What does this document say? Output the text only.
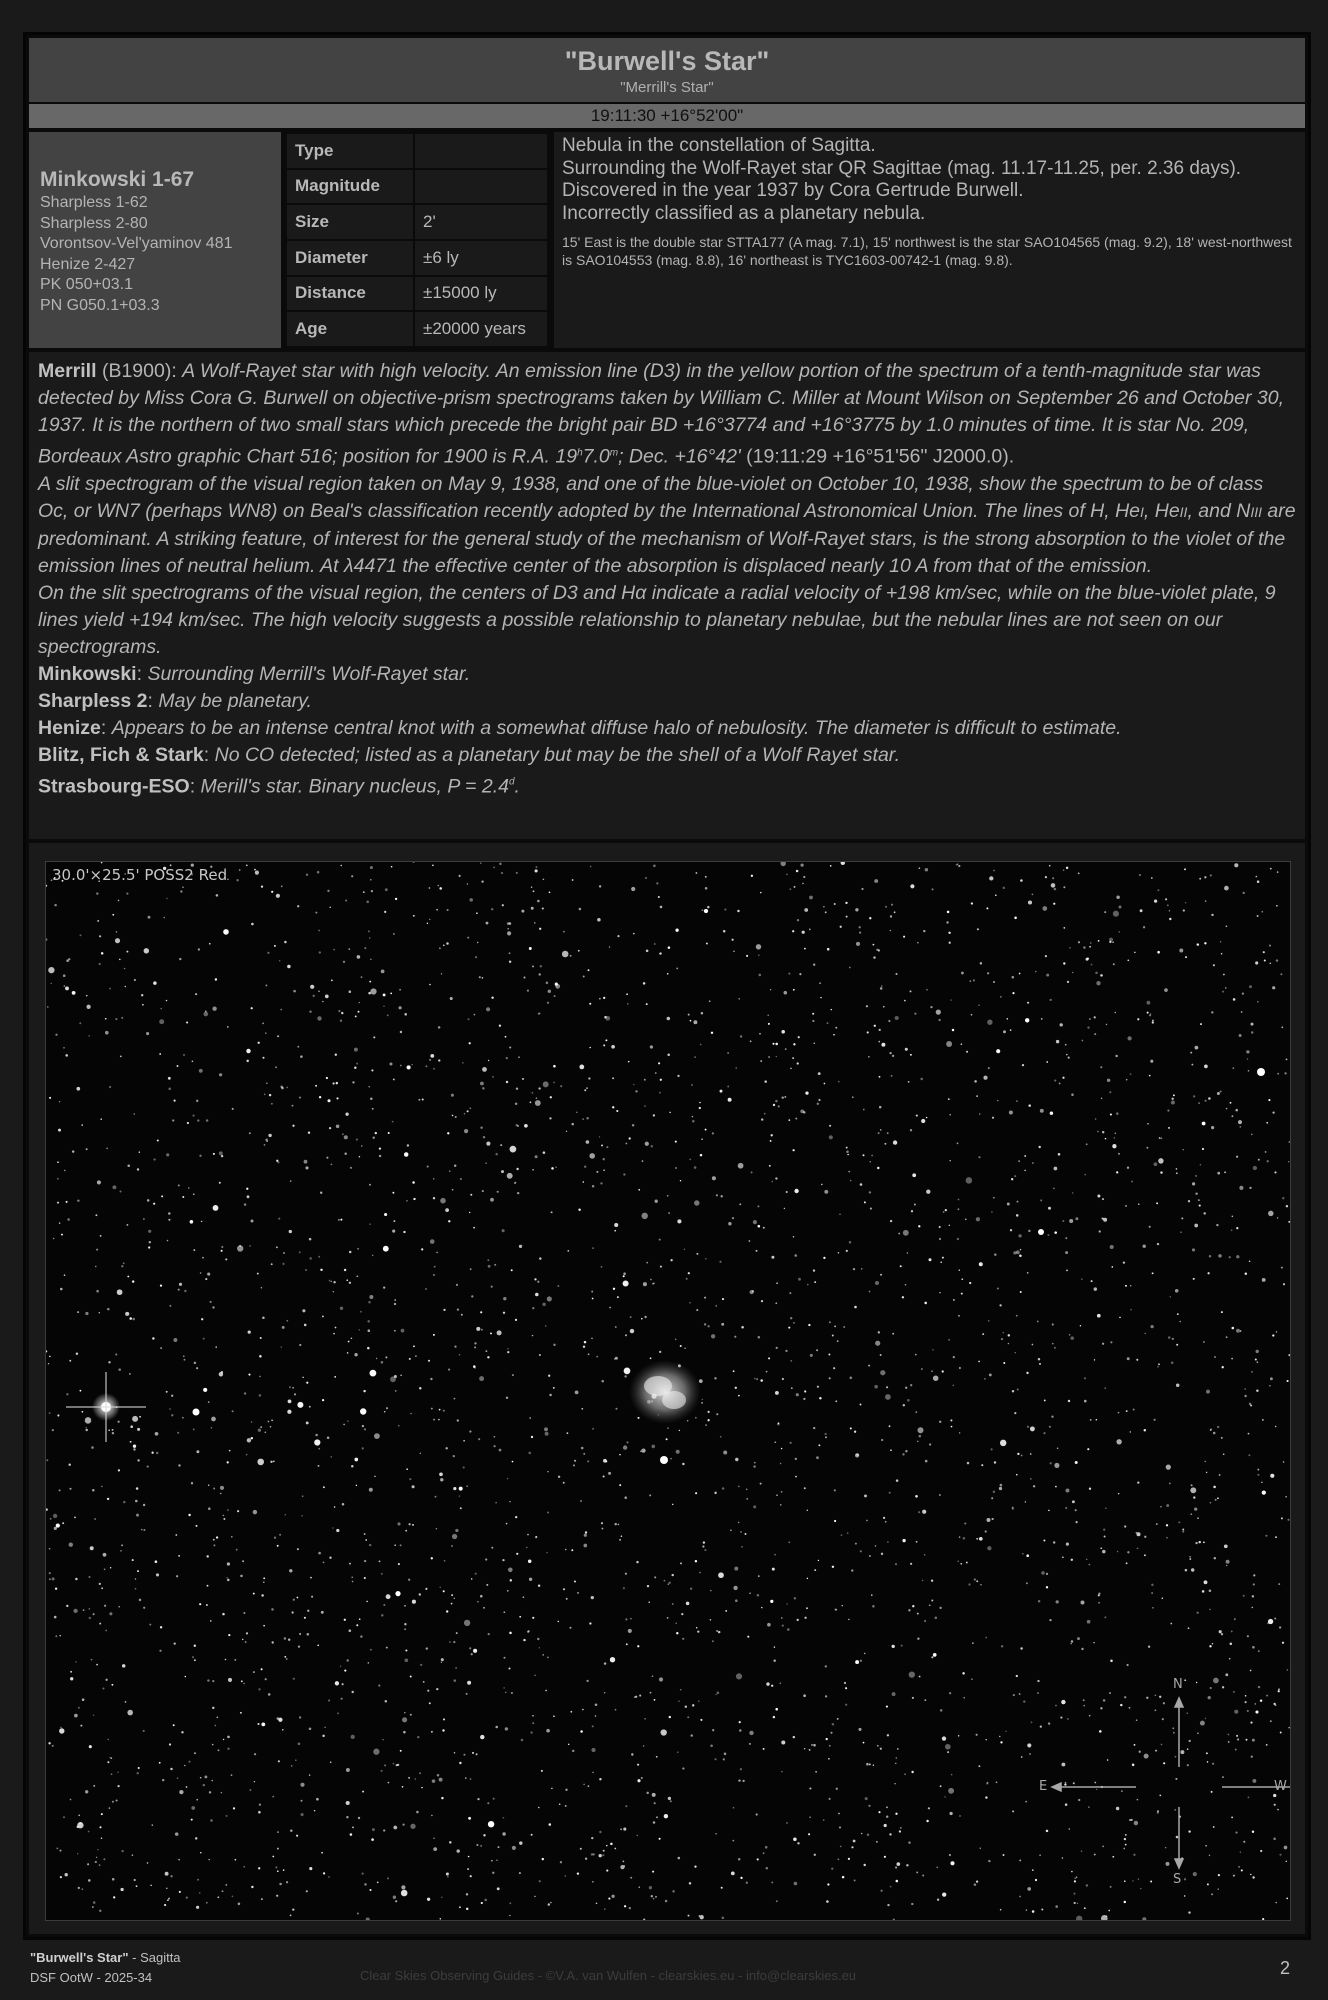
"Burwell's Star"
"Merrill's Star"
19:11:30 +16°52'00"
Minkowski 1-67
Sharpless 1-62
Sharpless 2-80
Vorontsov-Vel'yaminov 481
Henize 2-427
PK 050+03.1
PN G050.1+03.3
Type	
Magnitude	
Size	2'
Diameter	±6 ly
Distance	±15000 ly
Age	±20000 years

Nebula in the constellation of Sagitta.

Surrounding the Wolf-Rayet star QR Sagittae (mag. 11.17-11.25, per. 2.36 days).

Discovered in the year 1937 by Cora Gertrude Burwell.

Incorrectly classified as a planetary nebula.

15' East is the double star STTA177 (A mag. 7.1), 15' northwest is the star SAO104565 (mag. 9.2), 18' west-northwest is SAO104553 (mag. 8.8), 16' northeast is TYC1603-00742-1 (mag. 9.8).

Merrill (B1900): A Wolf-Rayet star with high velocity. An emission line (D3) in the yellow portion of the spectrum of a tenth-magnitude star was detected by Miss Cora G. Burwell on objective-prism spectrograms taken by William C. Miller at Mount Wilson on September 26 and October 30, 1937. It is the northern of two small stars which precede the bright pair BD +16°3774 and +16°3775 by 1.0 minutes of time. It is star No. 209, Bordeaux Astro graphic Chart 516; position for 1900 is R.A. 19$^h$7.0$^m$; Dec. +16°42' (19:11:29 +16°51'56" J2000.0).

A slit spectrogram of the visual region taken on May 9, 1938, and one of the blue-violet on October 10, 1938, show the spectrum to be of class Oc, or WN7 (perhaps WN8) on Beal's classification recently adopted by the International Astronomical Union. The lines of H, HeI, HeII, and NIII are predominant. A striking feature, of interest for the general study of the mechanism of Wolf-Rayet stars, is the strong absorption to the violet of the emission lines of neutral helium. At λ4471 the effective center of the absorption is displaced nearly 10 A from that of the emission.

On the slit spectrograms of the visual region, the centers of D3 and Hα indicate a radial velocity of +198 km/sec, while on the blue-violet plate, 9 lines yield +194 km/sec. The high velocity suggests a possible relationship to planetary nebulae, but the nebular lines are not seen on our spectrograms.

Minkowski: Surrounding Merrill's Wolf-Rayet star.

Sharpless 2: May be planetary.

Henize: Appears to be an intense central knot with a somewhat diffuse halo of nebulosity. The diameter is difficult to estimate.

Blitz, Fich & Stark: No CO detected; listed as a planetary but may be the shell of a Wolf Rayet star.

Strasbourg-ESO: Merill's star. Binary nucleus, P = 2.4$^d$.

30.0'×25.5' POSS2 Red
N
S
E	W
"Burwell's Star" - Sagitta
DSF OotW - 2025-34	Clear Skies Observing Guides - ©V.A. van Wulfen - clearskies.eu - info@clearskies.eu	2
